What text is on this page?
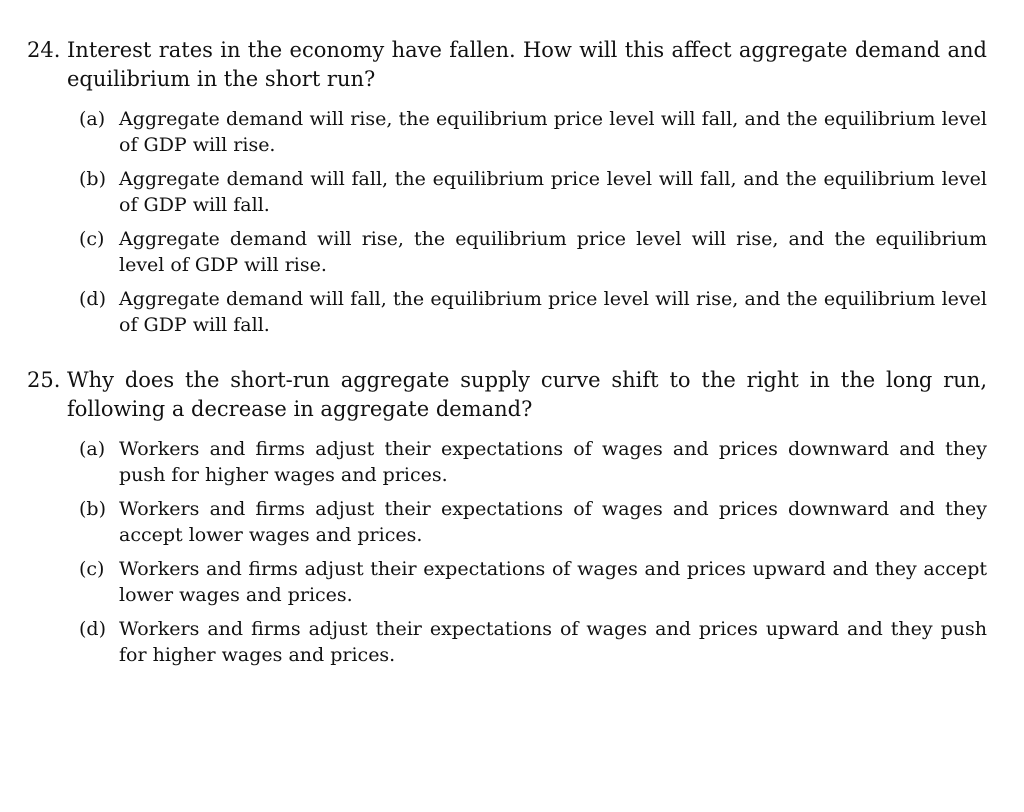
24. Interest rates in the economy have fallen. How will this affect aggregate demand and equilibrium in the short run?

(a) Aggregate demand will rise, the equilibrium price level will fall, and the equilibrium level of GDP will rise.
(b) Aggregate demand will fall, the equilibrium price level will fall, and the equilibrium level of GDP will fall.
(c) Aggregate demand will rise, the equilibrium price level will rise, and the equilibrium level of GDP will rise.
(d) Aggregate demand will fall, the equilibrium price level will rise, and the equilibrium level of GDP will fall.
25. Why does the short-run aggregate supply curve shift to the right in the long run, following a decrease in aggregate demand?

(a) Workers and firms adjust their expectations of wages and prices downward and they push for higher wages and prices.
(b) Workers and firms adjust their expectations of wages and prices downward and they accept lower wages and prices.
(c) Workers and firms adjust their expectations of wages and prices upward and they accept lower wages and prices.
(d) Workers and firms adjust their expectations of wages and prices upward and they push for higher wages and prices.
